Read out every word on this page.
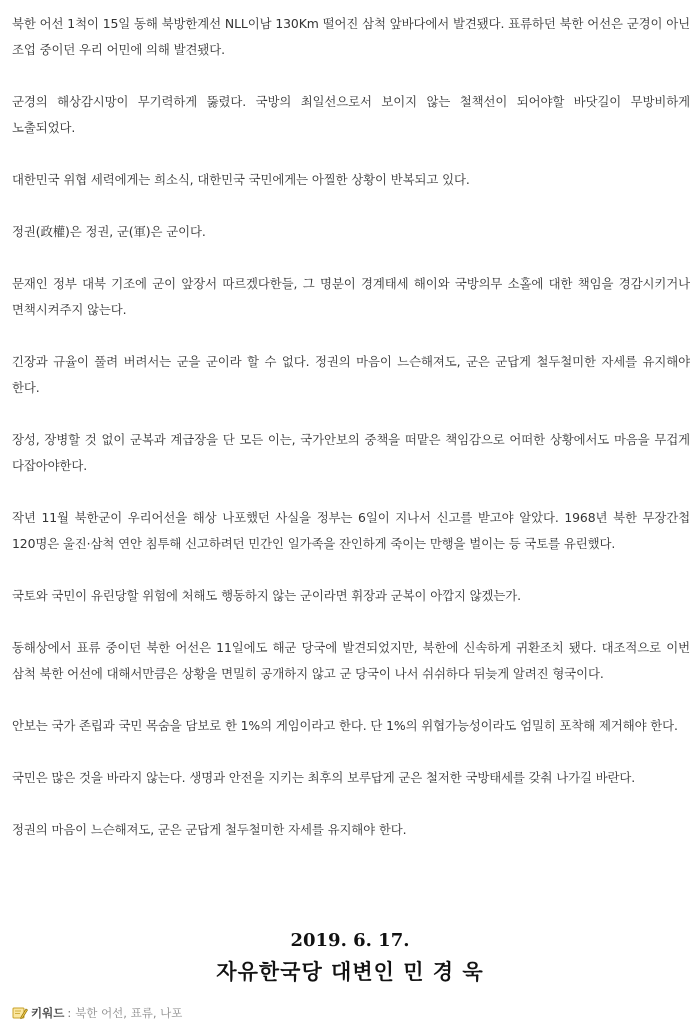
북한 어선 1척이 15일 동해 북방한계선 NLL이남 130Km 떨어진 삼척 앞바다에서 발견됐다. 표류하던 북한 어선은 군경이 아닌 조업 중이던 우리 어민에 의해 발견됐다.

군경의 해상감시망이 무기력하게 뚫렸다. 국방의 최일선으로서 보이지 않는 철책선이 되어야할 바닷길이 무방비하게 노출되었다.

대한민국 위협 세력에게는 희소식, 대한민국 국민에게는 아찔한 상황이 반복되고 있다.

정권(政權)은 정권, 군(軍)은 군이다.

문재인 정부 대북 기조에 군이 앞장서 따르겠다한들, 그 명분이 경계태세 해이와 국방의무 소홀에 대한 책임을 경감시키거나 면책시켜주지 않는다.

긴장과 규율이 풀려 버려서는 군을 군이라 할 수 없다. 정권의 마음이 느슨해져도, 군은 군답게 철두철미한 자세를 유지해야 한다.

장성, 장병할 것 없이 군복과 계급장을 단 모든 이는, 국가안보의 중책을 떠맡은 책임감으로 어떠한 상황에서도 마음을 무겁게 다잡아야한다.

작년 11월 북한군이 우리어선을 해상 나포했던 사실을 정부는 6일이 지나서 신고를 받고야 알았다. 1968년 북한 무장간첩 120명은 울진·삼척 연안 침투해 신고하려던 민간인 일가족을 잔인하게 죽이는 만행을 벌이는 등 국토를 유린했다.

국토와 국민이 유린당할 위험에 처해도 행동하지 않는 군이라면 휘장과 군복이 아깝지 않겠는가.

동해상에서 표류 중이던 북한 어선은 11일에도 해군 당국에 발견되었지만, 북한에 신속하게 귀환조치 됐다. 대조적으로 이번 삼척 북한 어선에 대해서만큼은 상황을 면밀히 공개하지 않고 군 당국이 나서 쉬쉬하다 뒤늦게 알려진 형국이다.

안보는 국가 존립과 국민 목숨을 담보로 한 1%의 게임이라고 한다. 단 1%의 위협가능성이라도 엄밀히 포착해 제거해야 한다.

국민은 많은 것을 바라지 않는다. 생명과 안전을 지키는 최후의 보루답게 군은 철저한 국방태세를 갖춰 나가길 바란다.

정권의 마음이 느슨해져도, 군은 군답게 철두철미한 자세를 유지해야 한다.

2019. 6. 17.
자유한국당 대변인 민 경 욱
키워드 : 북한 어선, 표류, 나포
